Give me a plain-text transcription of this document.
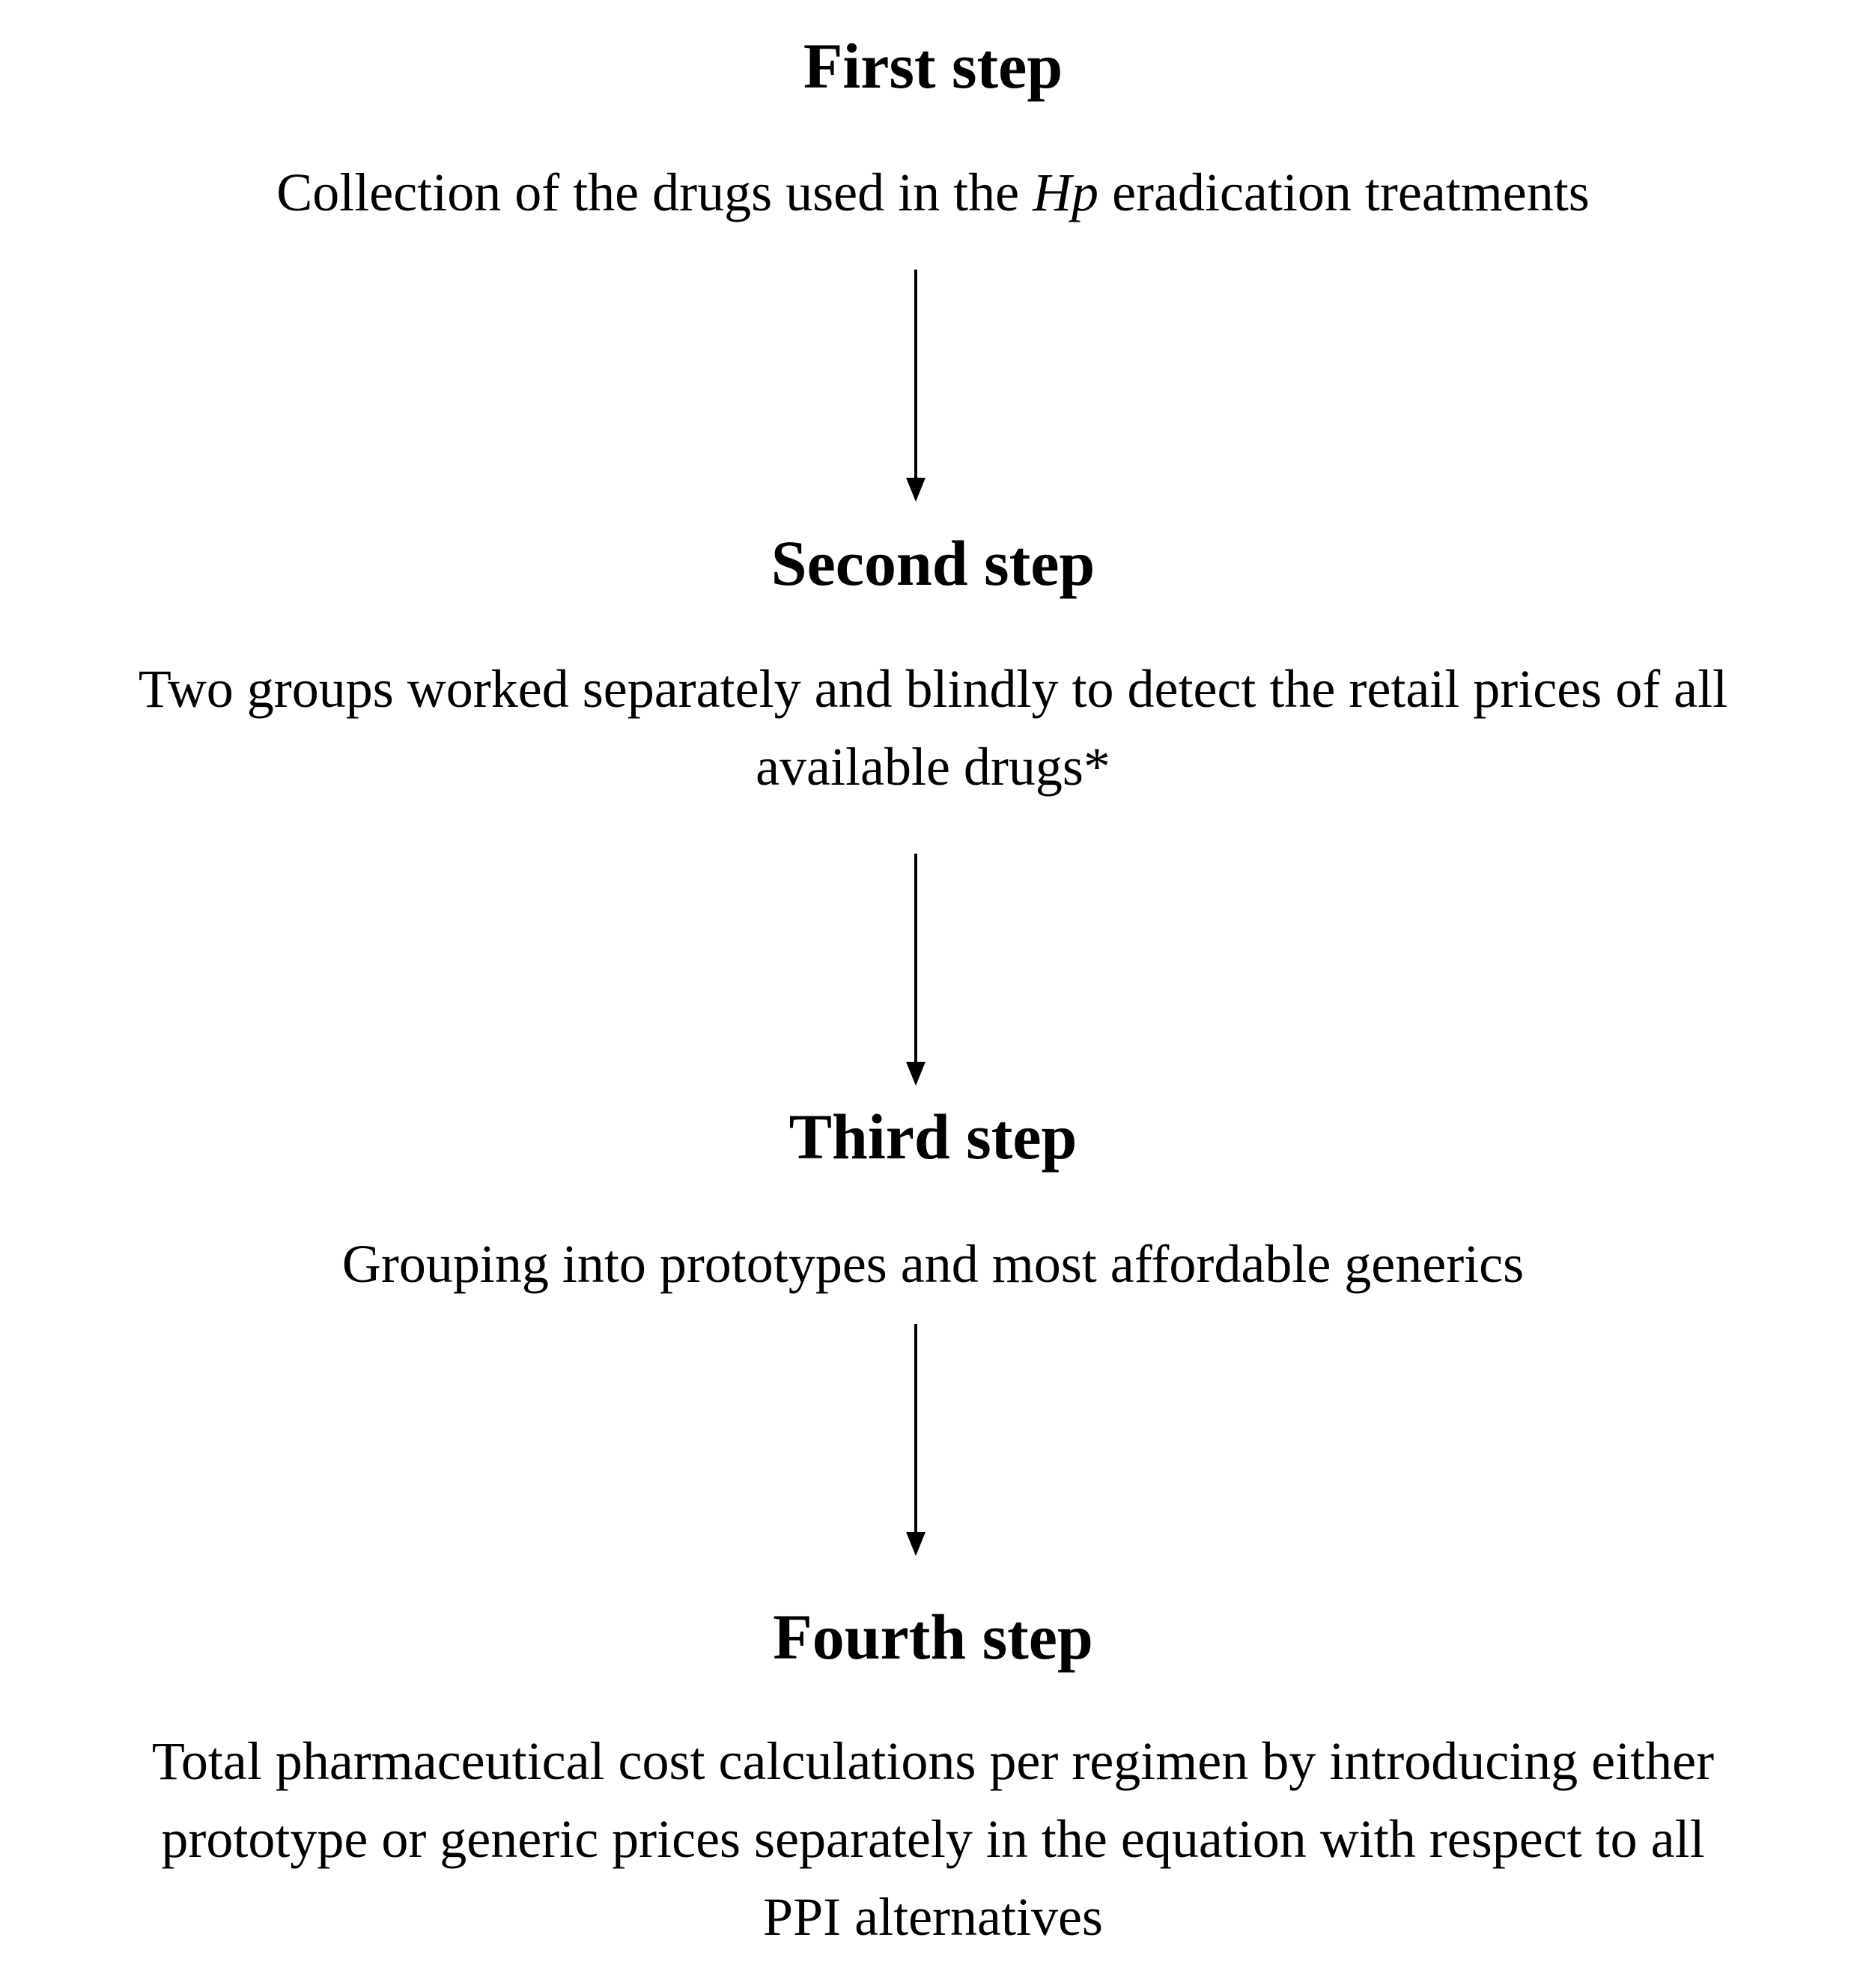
First step
Collection of the drugs used in the Hp eradication treatments
Second step
Two groups worked separately and blindly to detect the retail prices of all
available drugs*
Third step
Grouping into prototypes and most affordable generics
Fourth step
Total pharmaceutical cost calculations per regimen by introducing either
prototype or generic prices separately in the equation with respect to all
PPI alternatives
